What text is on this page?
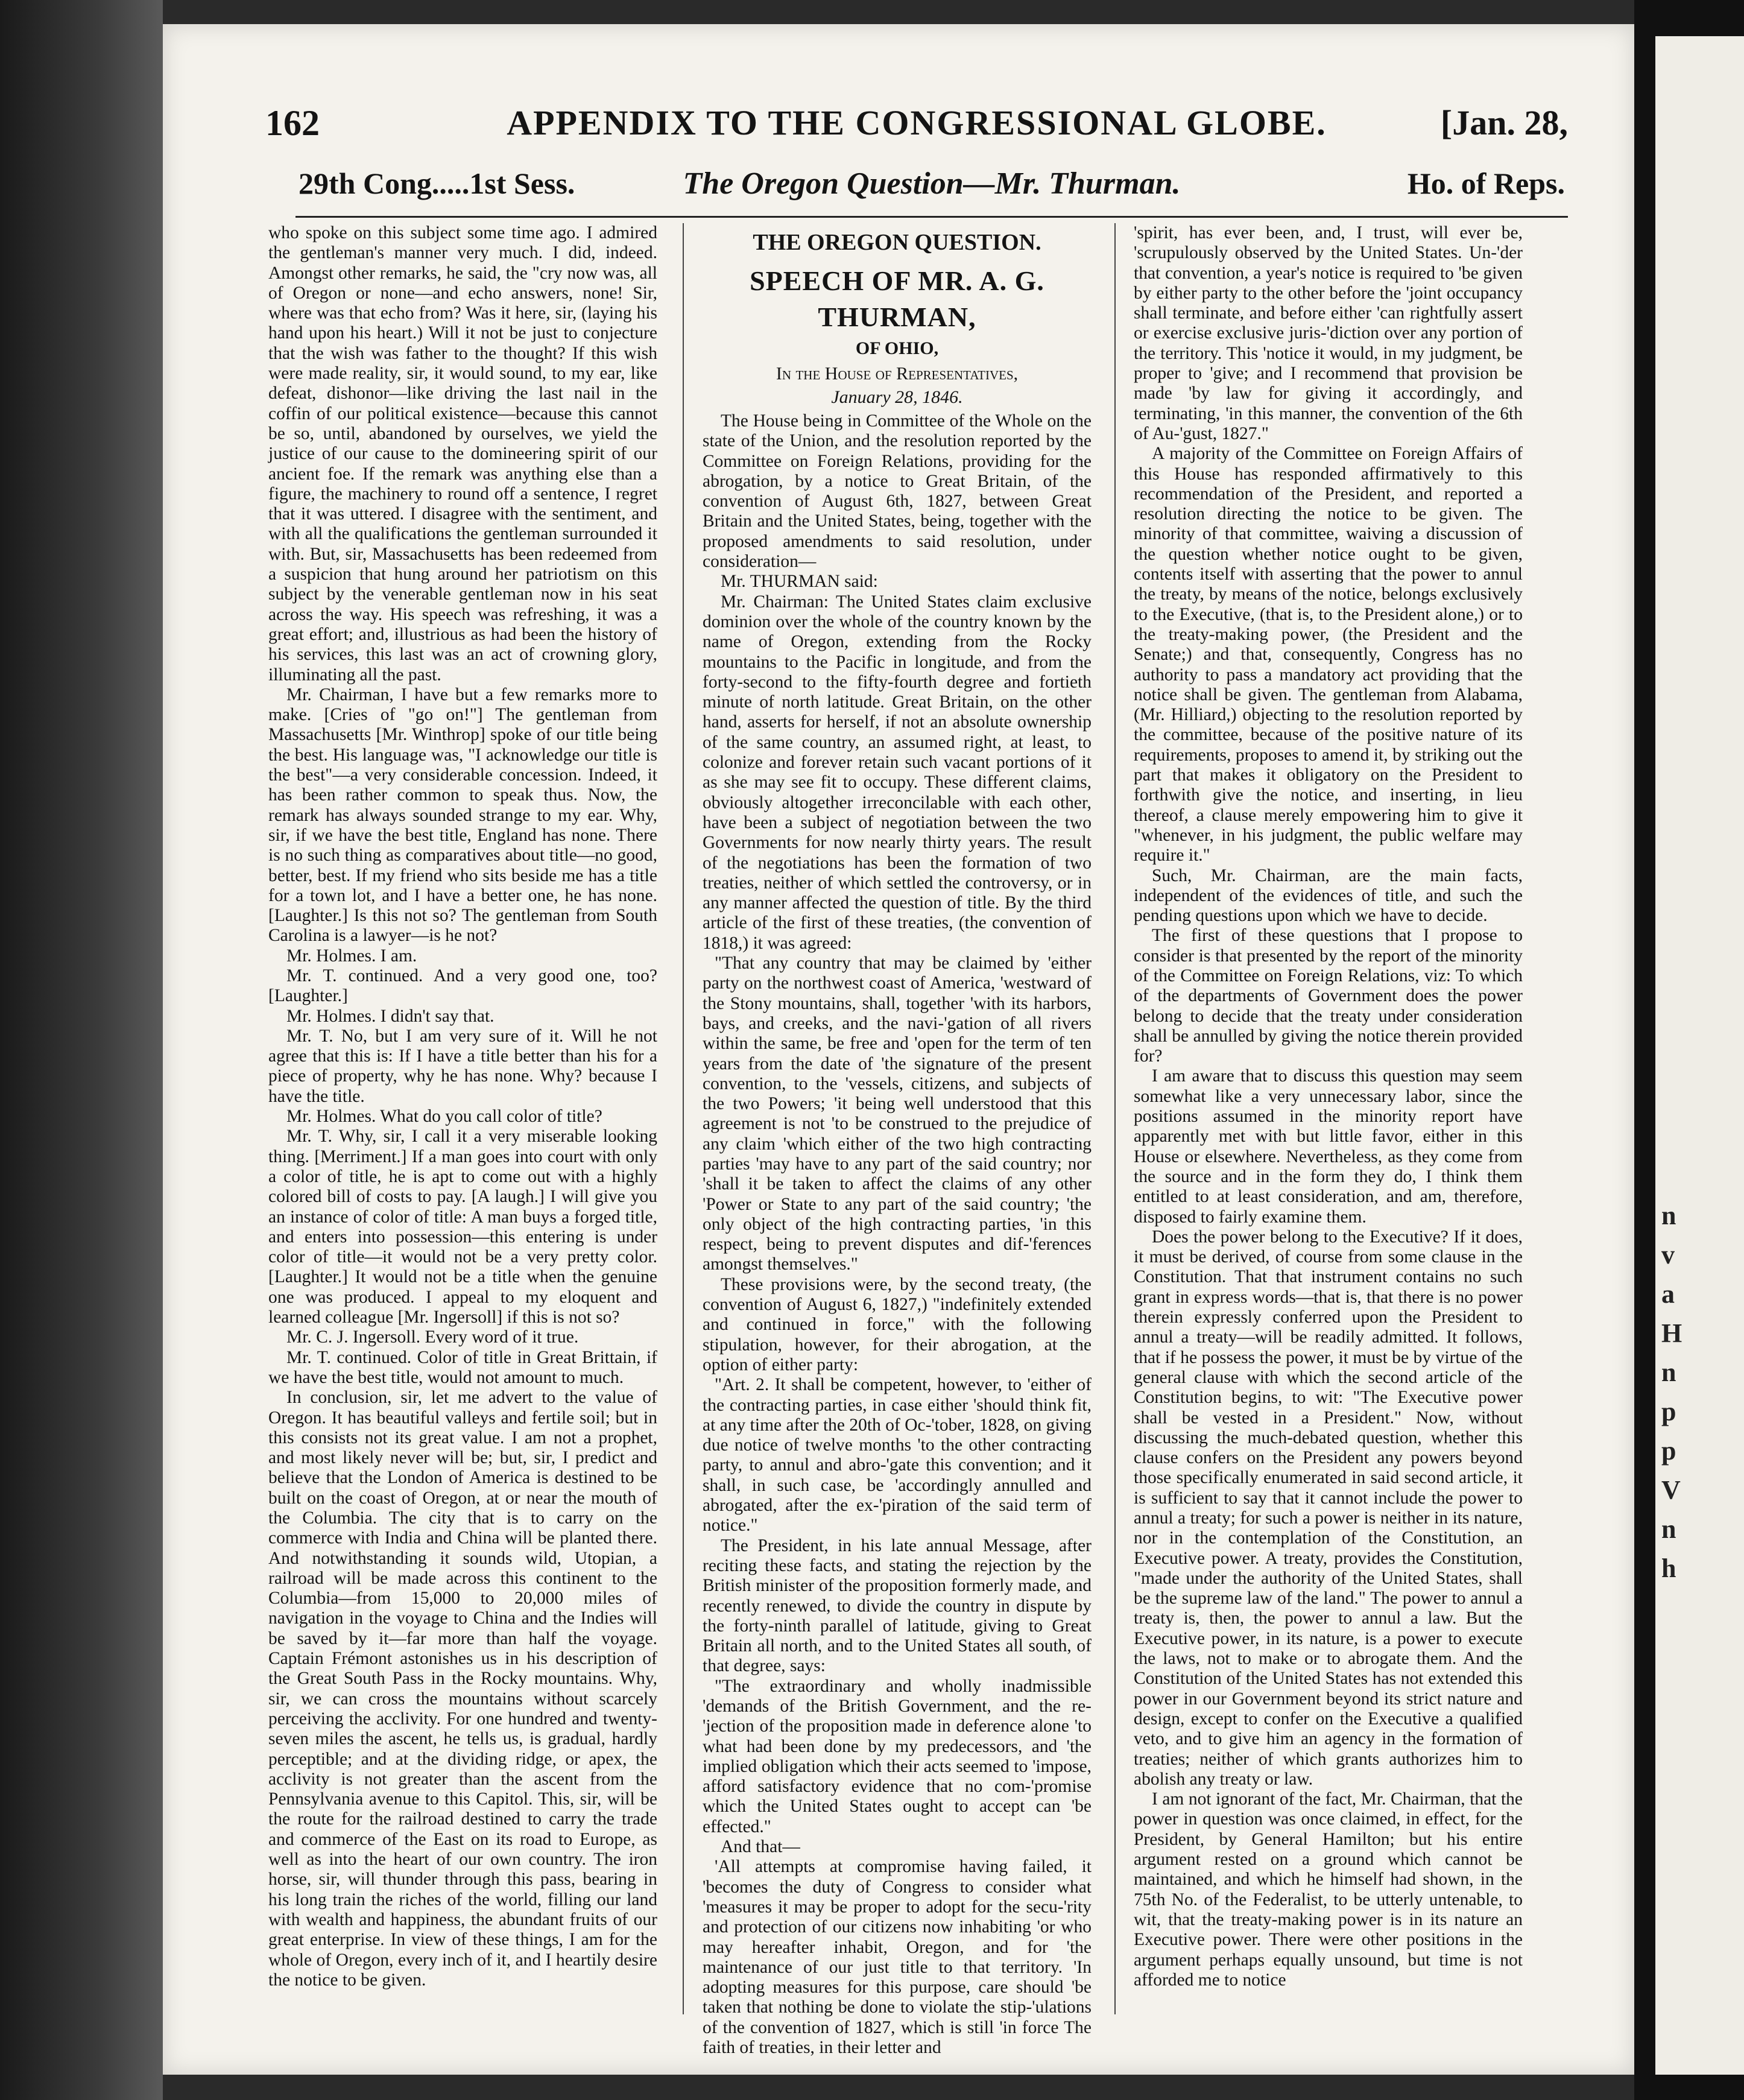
n
v
a
H
n
p
p
V
n
h
APPENDIX TO THE CONGRESSIONAL GLOBE.
162	[Jan. 28,
The Oregon Question—Mr. Thurman.
29th Cong.....1st Sess.	Ho. of Reps.

who spoke on this subject some time ago. I admired the gentleman's manner very much. I did, indeed. Amongst other remarks, he said, the "cry now was, all of Oregon or none—and echo answers, none! Sir, where was that echo from? Was it here, sir, (laying his hand upon his heart.) Will it not be just to conjecture that the wish was father to the thought? If this wish were made reality, sir, it would sound, to my ear, like defeat, dishonor—like driving the last nail in the coffin of our political existence—because this cannot be so, until, abandoned by ourselves, we yield the justice of our cause to the domineering spirit of our ancient foe. If the remark was anything else than a figure, the machinery to round off a sentence, I regret that it was uttered. I disagree with the sentiment, and with all the qualifications the gentleman surrounded it with. But, sir, Massachusetts has been redeemed from a suspicion that hung around her patriotism on this subject by the venerable gentleman now in his seat across the way. His speech was refreshing, it was a great effort; and, illustrious as had been the history of his services, this last was an act of crowning glory, illuminating all the past.

Mr. Chairman, I have but a few remarks more to make. [Cries of "go on!"] The gentleman from Massachusetts [Mr. Winthrop] spoke of our title being the best. His language was, "I acknowledge our title is the best"—a very considerable concession. Indeed, it has been rather common to speak thus. Now, the remark has always sounded strange to my ear. Why, sir, if we have the best title, England has none. There is no such thing as comparatives about title—no good, better, best. If my friend who sits beside me has a title for a town lot, and I have a better one, he has none. [Laughter.] Is this not so? The gentleman from South Carolina is a lawyer—is he not?

Mr. Holmes. I am.

Mr. T. continued. And a very good one, too? [Laughter.]

Mr. Holmes. I didn't say that.

Mr. T. No, but I am very sure of it. Will he not agree that this is: If I have a title better than his for a piece of property, why he has none. Why? because I have the title.

Mr. Holmes. What do you call color of title?

Mr. T. Why, sir, I call it a very miserable looking thing. [Merriment.] If a man goes into court with only a color of title, he is apt to come out with a highly colored bill of costs to pay. [A laugh.] I will give you an instance of color of title: A man buys a forged title, and enters into possession—this entering is under color of title—it would not be a very pretty color. [Laughter.] It would not be a title when the genuine one was produced. I appeal to my eloquent and learned colleague [Mr. Ingersoll] if this is not so?

Mr. C. J. Ingersoll. Every word of it true.

Mr. T. continued. Color of title in Great Brittain, if we have the best title, would not amount to much.

In conclusion, sir, let me advert to the value of Oregon. It has beautiful valleys and fertile soil; but in this consists not its great value. I am not a prophet, and most likely never will be; but, sir, I predict and believe that the London of America is destined to be built on the coast of Oregon, at or near the mouth of the Columbia. The city that is to carry on the commerce with India and China will be planted there. And notwithstanding it sounds wild, Utopian, a railroad will be made across this continent to the Columbia—from 15,000 to 20,000 miles of navigation in the voyage to China and the Indies will be saved by it—far more than half the voyage. Captain Frémont astonishes us in his description of the Great South Pass in the Rocky mountains. Why, sir, we can cross the mountains without scarcely perceiving the acclivity. For one hundred and twenty-seven miles the ascent, he tells us, is gradual, hardly perceptible; and at the dividing ridge, or apex, the acclivity is not greater than the ascent from the Pennsylvania avenue to this Capitol. This, sir, will be the route for the railroad destined to carry the trade and commerce of the East on its road to Europe, as well as into the heart of our own country. The iron horse, sir, will thunder through this pass, bearing in his long train the riches of the world, filling our land with wealth and happiness, the abundant fruits of our great enterprise. In view of these things, I am for the whole of Oregon, every inch of it, and I heartily desire the notice to be given.

THE OREGON QUESTION.
SPEECH OF MR. A. G. THURMAN,
OF OHIO,
In the House of Representatives,
January 28, 1846.

The House being in Committee of the Whole on the state of the Union, and the resolution reported by the Committee on Foreign Relations, providing for the abrogation, by a notice to Great Britain, of the convention of August 6th, 1827, between Great Britain and the United States, being, together with the proposed amendments to said resolution, under consideration—

Mr. THURMAN said:

Mr. Chairman: The United States claim exclusive dominion over the whole of the country known by the name of Oregon, extending from the Rocky mountains to the Pacific in longitude, and from the forty-second to the fifty-fourth degree and fortieth minute of north latitude. Great Britain, on the other hand, asserts for herself, if not an absolute ownership of the same country, an assumed right, at least, to colonize and forever retain such vacant portions of it as she may see fit to occupy. These different claims, obviously altogether irreconcilable with each other, have been a subject of negotiation between the two Governments for now nearly thirty years. The result of the negotiations has been the formation of two treaties, neither of which settled the controversy, or in any manner affected the question of title. By the third article of the first of these treaties, (the convention of 1818,) it was agreed:

"That any country that may be claimed by 'either party on the northwest coast of America, 'westward of the Stony mountains, shall, together 'with its harbors, bays, and creeks, and the navi-'gation of all rivers within the same, be free and 'open for the term of ten years from the date of 'the signature of the present convention, to the 'vessels, citizens, and subjects of the two Powers; 'it being well understood that this agreement is not 'to be construed to the prejudice of any claim 'which either of the two high contracting parties 'may have to any part of the said country; nor 'shall it be taken to affect the claims of any other 'Power or State to any part of the said country; 'the only object of the high contracting parties, 'in this respect, being to prevent disputes and dif-'ferences amongst themselves."

These provisions were, by the second treaty, (the convention of August 6, 1827,) "indefinitely extended and continued in force," with the following stipulation, however, for their abrogation, at the option of either party:

"Art. 2. It shall be competent, however, to 'either of the contracting parties, in case either 'should think fit, at any time after the 20th of Oc-'tober, 1828, on giving due notice of twelve months 'to the other contracting party, to annul and abro-'gate this convention; and it shall, in such case, be 'accordingly annulled and abrogated, after the ex-'piration of the said term of notice."

The President, in his late annual Message, after reciting these facts, and stating the rejection by the British minister of the proposition formerly made, and recently renewed, to divide the country in dispute by the forty-ninth parallel of latitude, giving to Great Britain all north, and to the United States all south, of that degree, says:

"The extraordinary and wholly inadmissible 'demands of the British Government, and the re-'jection of the proposition made in deference alone 'to what had been done by my predecessors, and 'the implied obligation which their acts seemed to 'impose, afford satisfactory evidence that no com-'promise which the United States ought to accept can 'be effected."

And that—

'All attempts at compromise having failed, it 'becomes the duty of Congress to consider what 'measures it may be proper to adopt for the secu-'rity and protection of our citizens now inhabiting 'or who may hereafter inhabit, Oregon, and for 'the maintenance of our just title to that territory. 'In adopting measures for this purpose, care should 'be taken that nothing be done to violate the stip-'ulations of the convention of 1827, which is still 'in force The faith of treaties, in their letter and

'spirit, has ever been, and, I trust, will ever be, 'scrupulously observed by the United States. Un-'der that convention, a year's notice is required to 'be given by either party to the other before the 'joint occupancy shall terminate, and before either 'can rightfully assert or exercise exclusive juris-'diction over any portion of the territory. This 'notice it would, in my judgment, be proper to 'give; and I recommend that provision be made 'by law for giving it accordingly, and terminating, 'in this manner, the convention of the 6th of Au-'gust, 1827."

A majority of the Committee on Foreign Affairs of this House has responded affirmatively to this recommendation of the President, and reported a resolution directing the notice to be given. The minority of that committee, waiving a discussion of the question whether notice ought to be given, contents itself with asserting that the power to annul the treaty, by means of the notice, belongs exclusively to the Executive, (that is, to the President alone,) or to the treaty-making power, (the President and the Senate;) and that, consequently, Congress has no authority to pass a mandatory act providing that the notice shall be given. The gentleman from Alabama, (Mr. Hilliard,) objecting to the resolution reported by the committee, because of the positive nature of its requirements, proposes to amend it, by striking out the part that makes it obligatory on the President to forthwith give the notice, and inserting, in lieu thereof, a clause merely empowering him to give it "whenever, in his judgment, the public welfare may require it."

Such, Mr. Chairman, are the main facts, independent of the evidences of title, and such the pending questions upon which we have to decide.

The first of these questions that I propose to consider is that presented by the report of the minority of the Committee on Foreign Relations, viz: To which of the departments of Government does the power belong to decide that the treaty under consideration shall be annulled by giving the notice therein provided for?

I am aware that to discuss this question may seem somewhat like a very unnecessary labor, since the positions assumed in the minority report have apparently met with but little favor, either in this House or elsewhere. Nevertheless, as they come from the source and in the form they do, I think them entitled to at least consideration, and am, therefore, disposed to fairly examine them.

Does the power belong to the Executive? If it does, it must be derived, of course from some clause in the Constitution. That that instrument contains no such grant in express words—that is, that there is no power therein expressly conferred upon the President to annul a treaty—will be readily admitted. It follows, that if he possess the power, it must be by virtue of the general clause with which the second article of the Constitution begins, to wit: "The Executive power shall be vested in a President." Now, without discussing the much-debated question, whether this clause confers on the President any powers beyond those specifically enumerated in said second article, it is sufficient to say that it cannot include the power to annul a treaty; for such a power is neither in its nature, nor in the contemplation of the Constitution, an Executive power. A treaty, provides the Constitution, "made under the authority of the United States, shall be the supreme law of the land." The power to annul a treaty is, then, the power to annul a law. But the Executive power, in its nature, is a power to execute the laws, not to make or to abrogate them. And the Constitution of the United States has not extended this power in our Government beyond its strict nature and design, except to confer on the Executive a qualified veto, and to give him an agency in the formation of treaties; neither of which grants authorizes him to abolish any treaty or law.

I am not ignorant of the fact, Mr. Chairman, that the power in question was once claimed, in effect, for the President, by General Hamilton; but his entire argument rested on a ground which cannot be maintained, and which he himself had shown, in the 75th No. of the Federalist, to be utterly untenable, to wit, that the treaty-making power is in its nature an Executive power. There were other positions in the argument perhaps equally unsound, but time is not afforded me to notice
